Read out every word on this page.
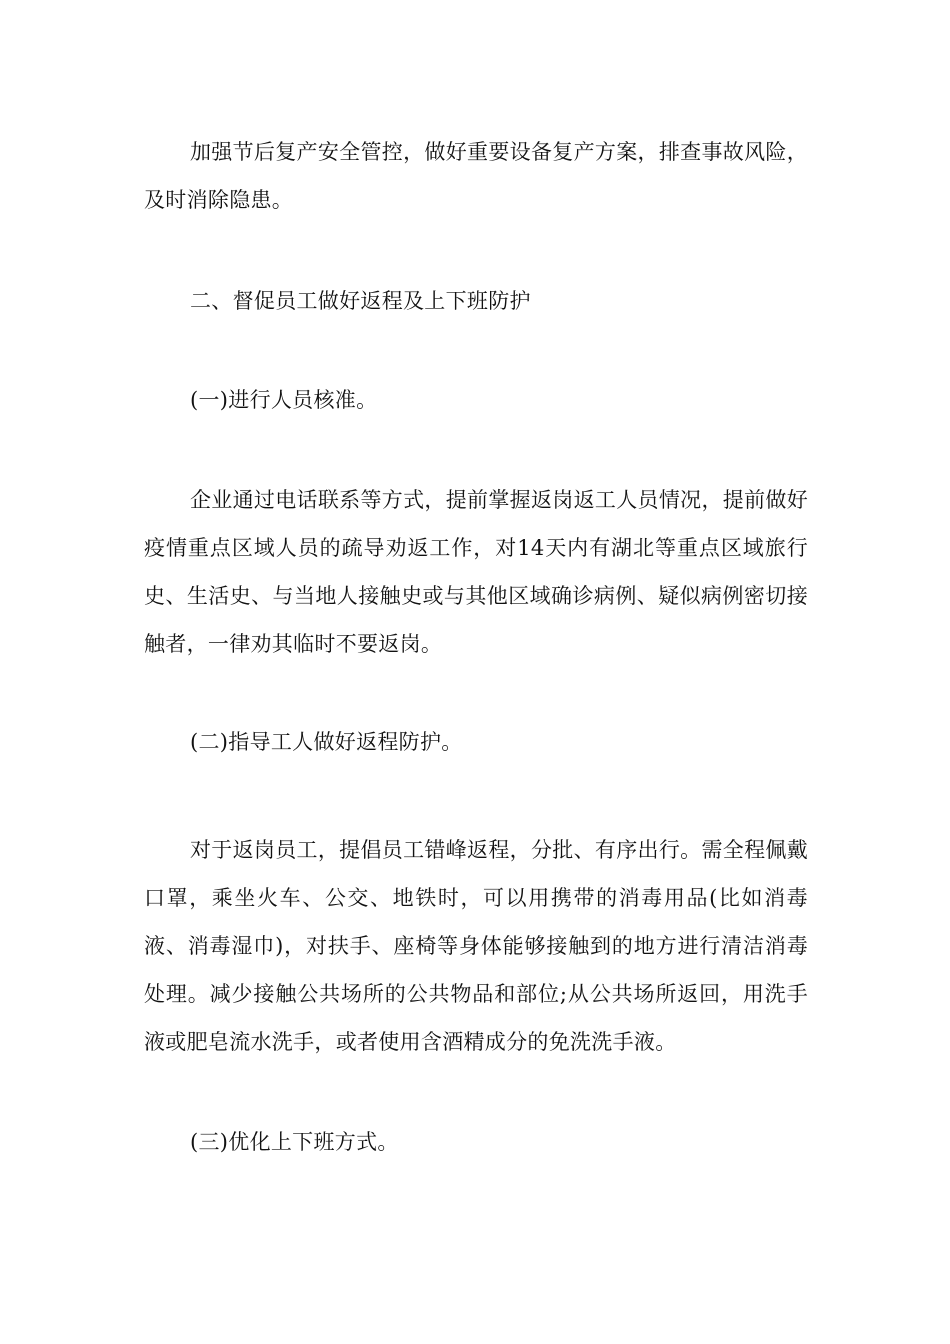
加强节后复产安全管控，做好重要设备复产方案，排查事故风险，及时消除隐患。

二、督促员工做好返程及上下班防护

(一)进行人员核准。

企业通过电话联系等方式，提前掌握返岗返工人员情况，提前做好疫情重点区域人员的疏导劝返工作，对14天内有湖北等重点区域旅行史、生活史、与当地人接触史或与其他区域确诊病例、疑似病例密切接触者，一律劝其临时不要返岗。

(二)指导工人做好返程防护。

对于返岗员工，提倡员工错峰返程，分批、有序出行。需全程佩戴口罩，乘坐火车、公交、地铁时，可以用携带的消毒用品(比如消毒液、消毒湿巾)，对扶手、座椅等身体能够接触到的地方进行清洁消毒处理。减少接触公共场所的公共物品和部位;从公共场所返回，用洗手液或肥皂流水洗手，或者使用含酒精成分的免洗洗手液。

(三)优化上下班方式。
